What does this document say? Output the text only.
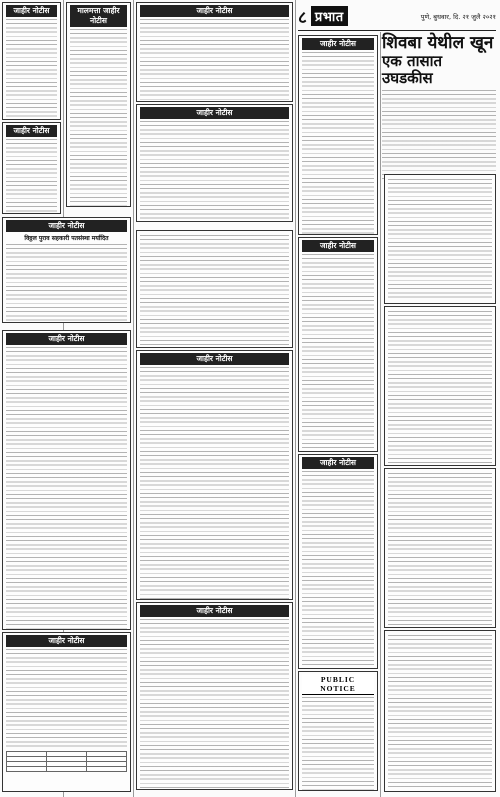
८ प्रभात	पुणे, बुधवार, दि. २१ जुलै २०२१
जाहीर नोटीस
जाहीर नोटीस
मालमत्ता जाहीर नोटीस
जाहीर नोटीस
जाहीर नोटीस
जाहीर नोटीस
विठ्ठल पुराव सहकारी पतसंस्था मर्यादित
जाहीर नोटीस
जाहीर नोटीस

जाहीर नोटीस
जाहीर नोटीस
जाहीर नोटीस
जाहीर नोटीस
जाहीर नोटीस
PUBLIC NOTICE
शिवबा येथील खून
एक तासात उघडकीस
